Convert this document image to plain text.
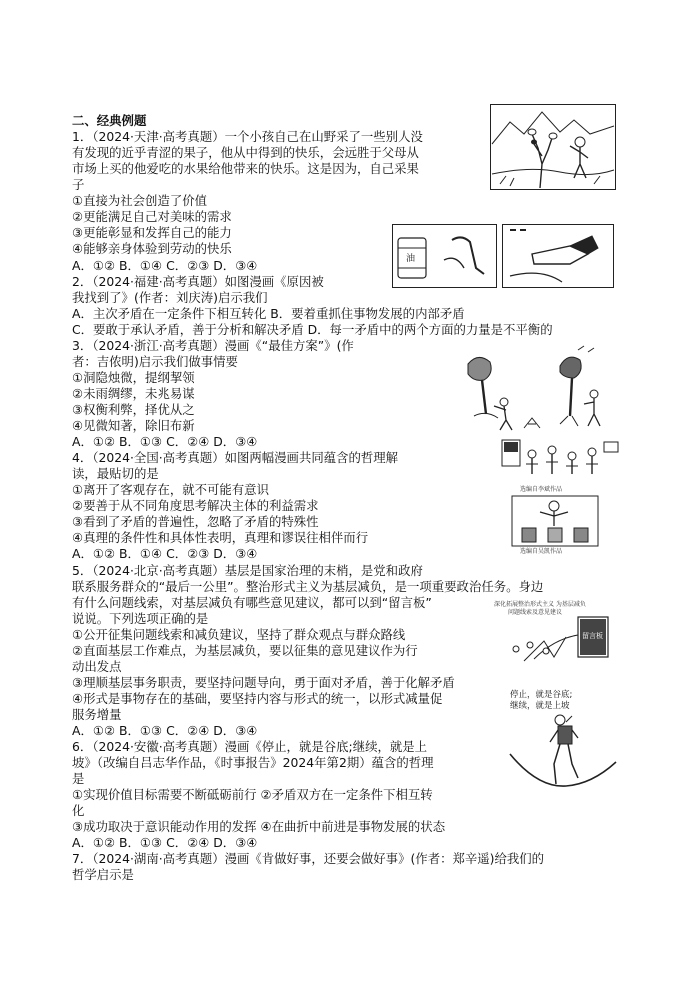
二、经典例题
1．（2024·天津·高考真题）一个小孩自己在山野采了一些别人没
有发现的近乎青涩的果子，他从中得到的快乐，会远胜于父母从
市场上买的他爱吃的水果给他带来的快乐。这是因为，自己采果
子
①直接为社会创造了价值
②更能满足自己对美味的需求
③更能彰显和发挥自己的能力
④能够亲身体验到劳动的快乐
A．①② B．①④ C．②③ D．③④	油
2．（2024·福建·高考真题）如图漫画《原因被
我找到了》(作者：刘庆涛)启示我们
A．主次矛盾在一定条件下相互转化 B．要着重抓住事物发展的内部矛盾
C．要敢于承认矛盾，善于分析和解决矛盾 D．每一矛盾中的两个方面的力量是不平衡的
3．（2024·浙江·高考真题）漫画《“最佳方案”》(作
者：吉侬明)启示我们做事情要
①洞隐烛微，提纲挈领
②未雨绸缪，未兆易谋
③权衡利弊，择优从之
④见微知著，除旧布新
A．①② B．①③ C．②④ D．③④
4．（2024·全国·高考真题）如图两幅漫画共同蕴含的哲理解
读，最贴切的是
①离开了客观存在，就不可能有意识
②要善于从不同角度思考解决主体的利益需求
③看到了矛盾的普遍性，忽略了矛盾的特殊性
④真理的条件性和具体性表明，真理和谬误往相伴而行
A．①② B．①④ C．②③ D．③④
选编自李斌作品
选编自吴凯作品
5．（2024·北京·高考真题）基层是国家治理的末梢，是党和政府
联系服务群众的“最后一公里”。整治形式主义为基层减负，是一项重要政治任务。身边
有什么问题线索，对基层减负有哪些意见建议，都可以到“留言板”
说说。下列选项正确的是
①公开征集问题线索和减负建议，坚持了群众观点与群众路线
②直面基层工作难点，为基层减负，要以征集的意见建议作为行
动出发点
③理顺基层事务职责，要坚持问题导向，勇于面对矛盾，善于化解矛盾
④形式是事物存在的基础，要坚持内容与形式的统一，以形式减量促
服务增量
A．①② B．①③ C．②④ D．③④
深化拓展整治形式主义 为基层减负
问题线索及意见建议
留言板
6．（2024·安徽·高考真题）漫画《停止，就是谷底;继续，就是上
坡》（改编自吕志华作品，《时事报告》2024年第2期）蕴含的哲理
是
①实现价值目标需要不断砥砺前行 ②矛盾双方在一定条件下相互转
化
③成功取决于意识能动作用的发挥 ④在曲折中前进是事物发展的状态
A．①② B．①③ C．②④ D．③④
停止，就是谷底;
继续，就是上坡
7．（2024·湖南·高考真题）漫画《肯做好事，还要会做好事》(作者：郑辛遥)给我们的
哲学启示是
